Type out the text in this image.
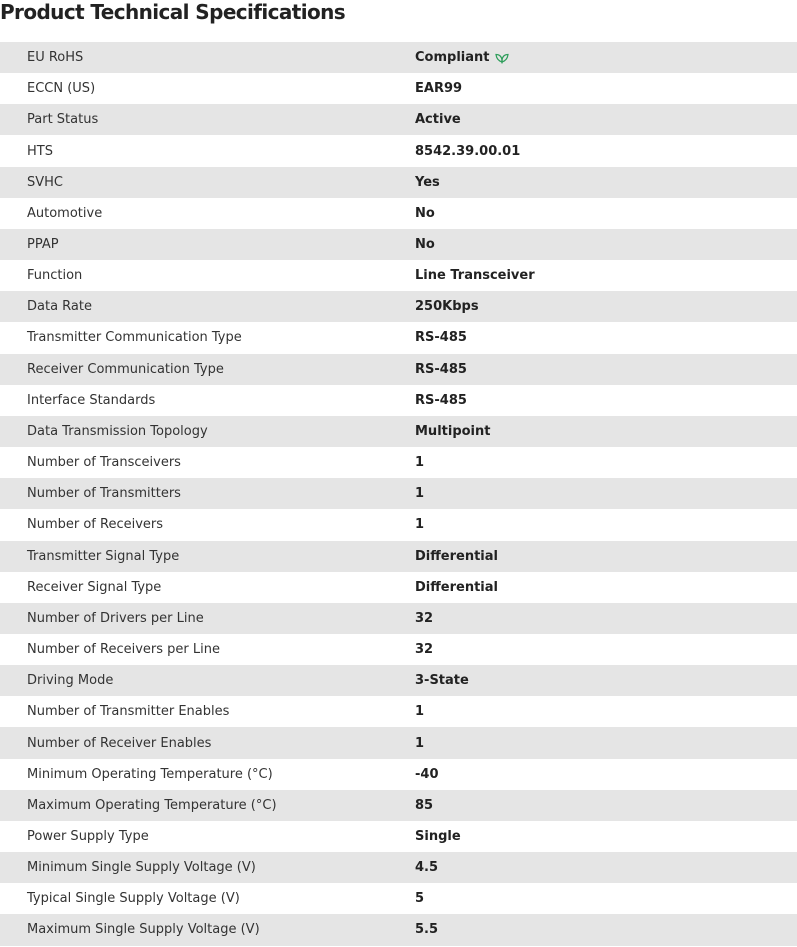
Product Technical Specifications
EU RoHS	Compliant
ECCN (US)	EAR99
Part Status	Active
HTS	8542.39.00.01
SVHC	Yes
Automotive	No
PPAP	No
Function	Line Transceiver
Data Rate	250Kbps
Transmitter Communication Type	RS-485
Receiver Communication Type	RS-485
Interface Standards	RS-485
Data Transmission Topology	Multipoint
Number of Transceivers	1
Number of Transmitters	1
Number of Receivers	1
Transmitter Signal Type	Differential
Receiver Signal Type	Differential
Number of Drivers per Line	32
Number of Receivers per Line	32
Driving Mode	3-State
Number of Transmitter Enables	1
Number of Receiver Enables	1
Minimum Operating Temperature (°C)	-40
Maximum Operating Temperature (°C)	85
Power Supply Type	Single
Minimum Single Supply Voltage (V)	4.5
Typical Single Supply Voltage (V)	5
Maximum Single Supply Voltage (V)	5.5
